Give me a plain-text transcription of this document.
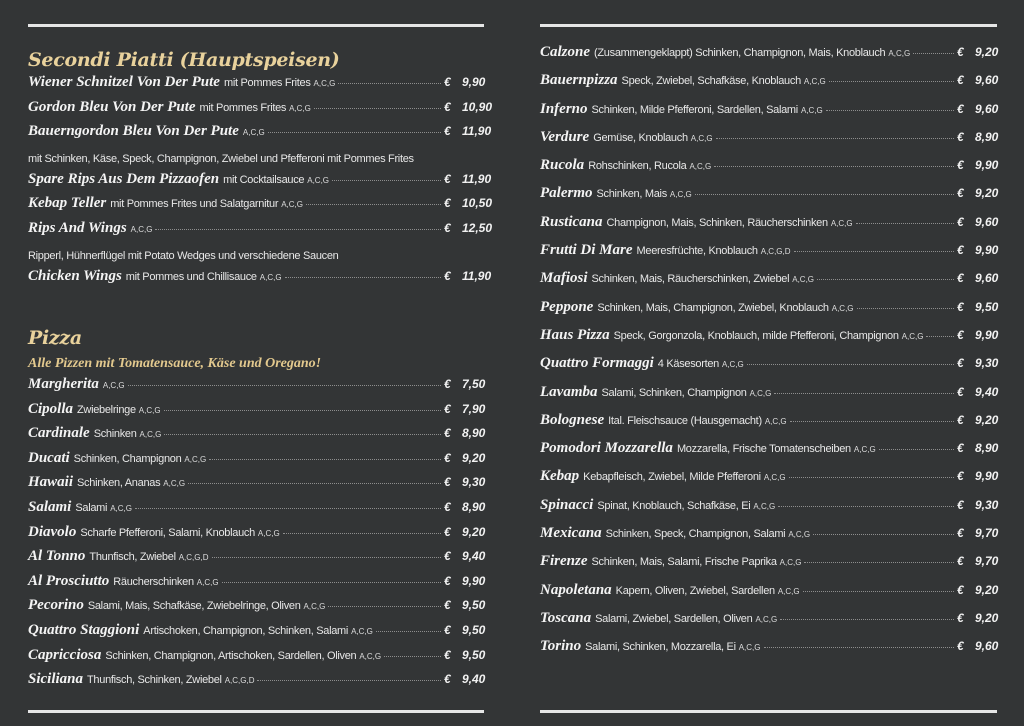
Secondi Piatti (Hauptspeisen)
Wiener Schnitzel Von Der Pute mit Pommes Frites A,C,G	€ 9,90
Gordon Bleu Von Der Pute mit Pommes Frites A,C,G	€ 10,90
Bauerngordon Bleu Von Der Pute A,C,G	€ 11,90
mit Schinken, Käse, Speck, Champignon, Zwiebel und Pfefferoni mit Pommes Frites
Spare Rips Aus Dem Pizzaofen mit Cocktailsauce A,C,G	€ 11,90
Kebap Teller mit Pommes Frites und Salatgarnitur A,C,G	€ 10,50
Rips And Wings A,C,G	€ 12,50
Ripperl, Hühnerflügel mit Potato Wedges und verschiedene Saucen
Chicken Wings mit Pommes und Chillisauce A,C,G	€ 11,90
Pizza
Alle Pizzen mit Tomatensauce, Käse und Oregano!
Margherita A,C,G	€ 7,50
Cipolla Zwiebelringe A,C,G	€ 7,90
Cardinale Schinken A,C,G	€ 8,90
Ducati Schinken, Champignon A,C,G	€ 9,20
Hawaii Schinken, Ananas A,C,G	€ 9,30
Salami Salami A,C,G	€ 8,90
Diavolo Scharfe Pfefferoni, Salami, Knoblauch A,C,G	€ 9,20
Al Tonno Thunfisch, Zwiebel A,C,G,D	€ 9,40
Al Prosciutto Räucherschinken A,C,G	€ 9,90
Pecorino Salami, Mais, Schafkäse, Zwiebelringe, Oliven A,C,G	€ 9,50
Quattro Staggioni Artischoken, Champignon, Schinken, Salami A,C,G	€ 9,50
Capricciosa Schinken, Champignon, Artischoken, Sardellen, Oliven A,C,G	€ 9,50
Siciliana Thunfisch, Schinken, Zwiebel A,C,G,D	€ 9,40
Calzone (Zusammengeklappt) Schinken, Champignon, Mais, Knoblauch A,C,G	€ 9,20
Bauernpizza Speck, Zwiebel, Schafkäse, Knoblauch A,C,G	€ 9,60
Inferno Schinken, Milde Pfefferoni, Sardellen, Salami A,C,G	€ 9,60
Verdure Gemüse, Knoblauch A,C,G	€ 8,90
Rucola Rohschinken, Rucola A,C,G	€ 9,90
Palermo Schinken, Mais A,C,G	€ 9,20
Rusticana Champignon, Mais, Schinken, Räucherschinken A,C,G	€ 9,60
Frutti Di Mare Meeresfrüchte, Knoblauch A,C,G,D	€ 9,90
Mafiosi Schinken, Mais, Räucherschinken, Zwiebel A,C,G	€ 9,60
Peppone Schinken, Mais, Champignon, Zwiebel, Knoblauch A,C,G	€ 9,50
Haus Pizza Speck, Gorgonzola, Knoblauch, milde Pfefferoni, Champignon A,C,G	€ 9,90
Quattro Formaggi 4 Käsesorten A,C,G	€ 9,30
Lavamba Salami, Schinken, Champignon A,C,G	€ 9,40
Bolognese Ital. Fleischsauce (Hausgemacht) A,C,G	€ 9,20
Pomodori Mozzarella Mozzarella, Frische Tomatenscheiben A,C,G	€ 8,90
Kebap Kebapfleisch, Zwiebel, Milde Pfefferoni A,C,G	€ 9,90
Spinacci Spinat, Knoblauch, Schafkäse, Ei A,C,G	€ 9,30
Mexicana Schinken, Speck, Champignon, Salami A,C,G	€ 9,70
Firenze Schinken, Mais, Salami, Frische Paprika A,C,G	€ 9,70
Napoletana Kapern, Oliven, Zwiebel, Sardellen A,C,G	€ 9,20
Toscana Salami, Zwiebel, Sardellen, Oliven A,C,G	€ 9,20
Torino Salami, Schinken, Mozzarella, Ei A,C,G	€ 9,60
